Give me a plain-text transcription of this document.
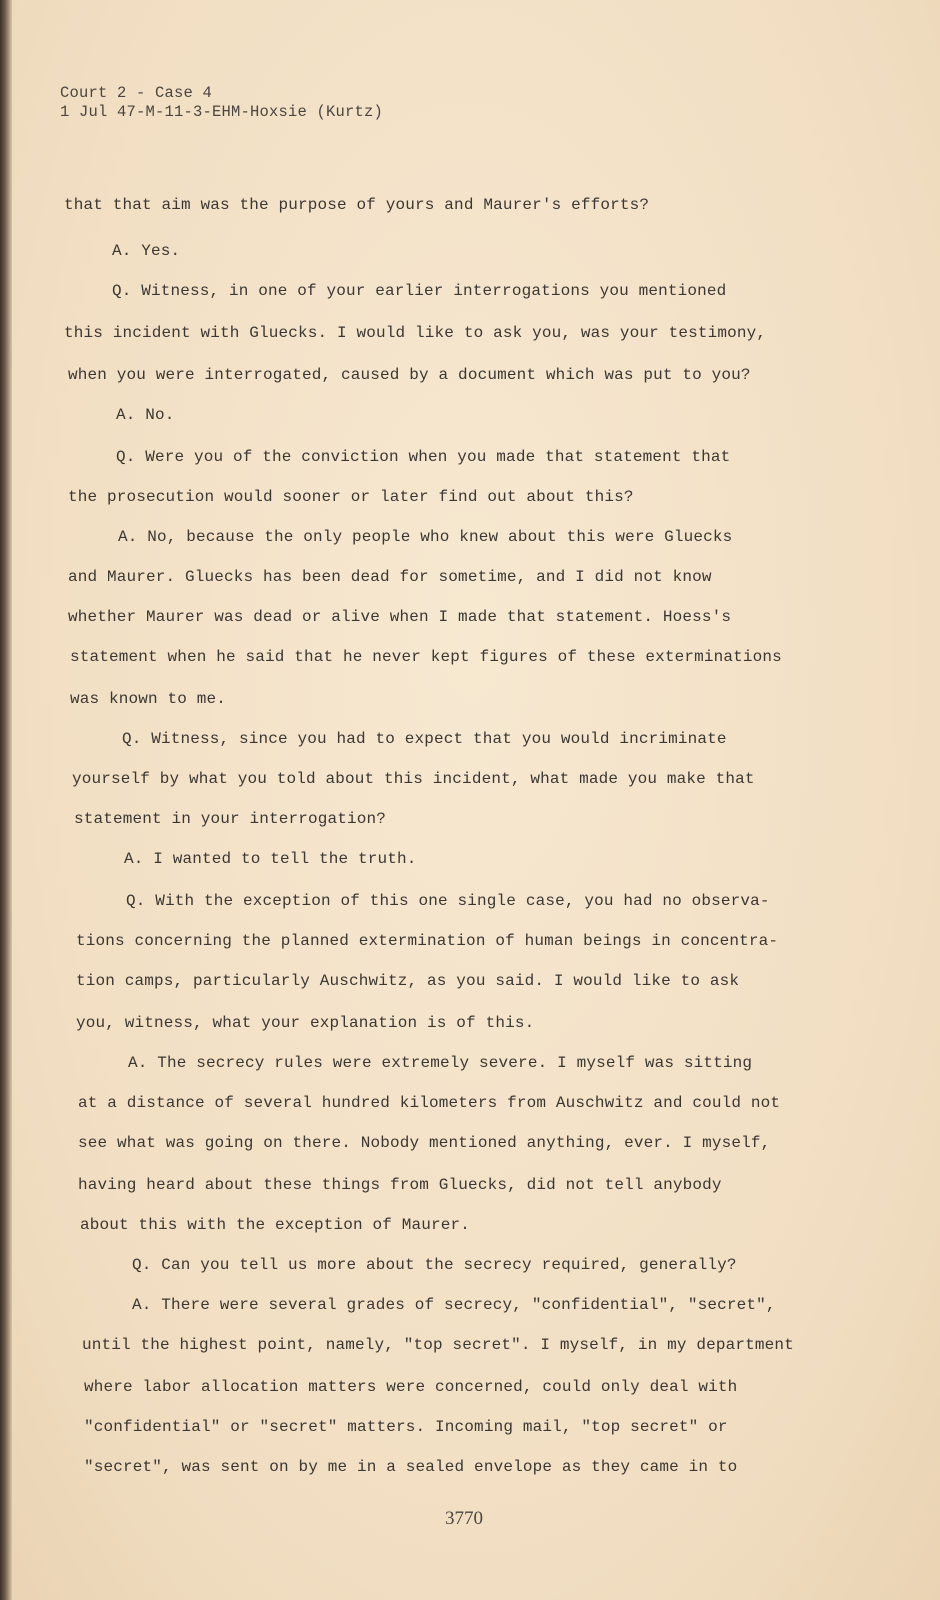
Court 2 - Case 4
1 Jul 47-M-11-3-EHM-Hoxsie (Kurtz)
that that aim was the purpose of yours and Maurer's efforts?
A. Yes.
Q. Witness, in one of your earlier interrogations you mentioned
this incident with Gluecks. I would like to ask you, was your testimony,
when you were interrogated, caused by a document which was put to you?
A. No.
Q. Were you of the conviction when you made that statement that
the prosecution would sooner or later find out about this?
A. No, because the only people who knew about this were Gluecks
and Maurer. Gluecks has been dead for sometime, and I did not know
whether Maurer was dead or alive when I made that statement. Hoess's
statement when he said that he never kept figures of these exterminations
was known to me.
Q. Witness, since you had to expect that you would incriminate
yourself by what you told about this incident, what made you make that
statement in your interrogation?
A. I wanted to tell the truth.
Q. With the exception of this one single case, you had no observa-
tions concerning the planned extermination of human beings in concentra-
tion camps, particularly Auschwitz, as you said. I would like to ask
you, witness, what your explanation is of this.
A. The secrecy rules were extremely severe. I myself was sitting
at a distance of several hundred kilometers from Auschwitz and could not
see what was going on there. Nobody mentioned anything, ever. I myself,
having heard about these things from Gluecks, did not tell anybody
about this with the exception of Maurer.
Q. Can you tell us more about the secrecy required, generally?
A. There were several grades of secrecy, "confidential", "secret",
until the highest point, namely, "top secret". I myself, in my department
where labor allocation matters were concerned, could only deal with
"confidential" or "secret" matters. Incoming mail, "top secret" or
"secret", was sent on by me in a sealed envelope as they came in to
3770
